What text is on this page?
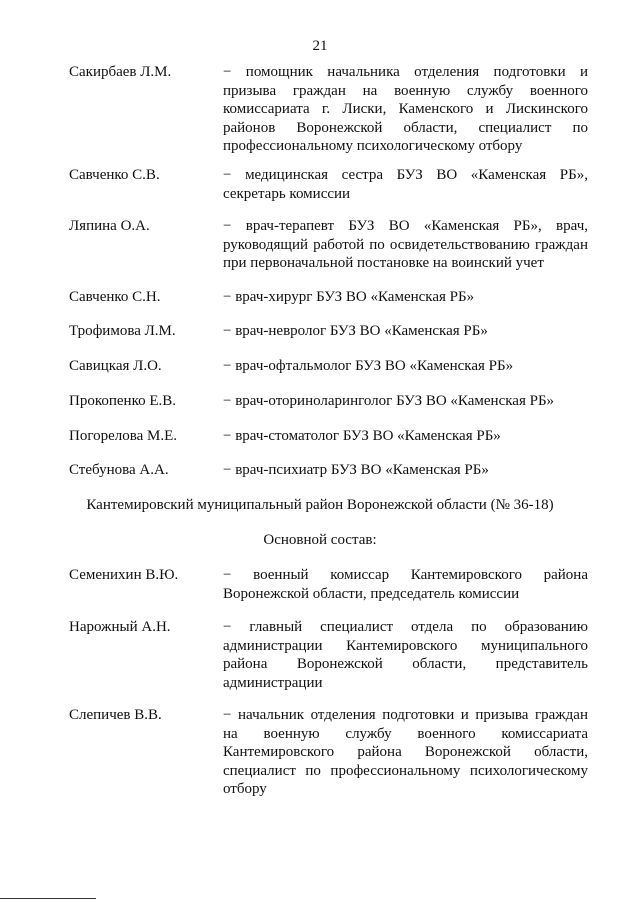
21
Сакирбаев Л.М.	− помощник начальника отделения подготовки и призыва граждан на военную службу военного комиссариата г. Лиски, Каменского и Лискинского районов Воронежской области, специалист по профессиональному психологическому отбору
Савченко С.В.	− медицинская сестра БУЗ ВО «Каменская РБ», секретарь комиссии
Ляпина О.А.	− врач-терапевт БУЗ ВО «Каменская РБ», врач, руководящий работой по освидетельствованию граждан при первоначальной постановке на воинский учет
Савченко С.Н.	− врач-хирург БУЗ ВО «Каменская РБ»
Трофимова Л.М.	− врач-невролог БУЗ ВО «Каменская РБ»
Савицкая Л.О.	− врач-офтальмолог БУЗ ВО «Каменская РБ»
Прокопенко Е.В.	− врач-оториноларинголог БУЗ ВО «Каменская РБ»
Погорелова М.Е.	− врач-стоматолог БУЗ ВО «Каменская РБ»
Стебунова А.А.	− врач-психиатр БУЗ ВО «Каменская РБ»
Кантемировский муниципальный район Воронежской области (№ 36-18)
Основной состав:
Семенихин В.Ю.	− военный комиссар Кантемировского района Воронежской области, председатель комиссии
Нарожный А.Н.	− главный специалист отдела по образованию администрации Кантемировского муниципального района Воронежской области, представитель администрации
Слепичев В.В.	− начальник отделения подготовки и призыва граждан на военную службу военного комиссариата Кантемировского района Воронежской области, специалист по профессиональному психологическому отбору
